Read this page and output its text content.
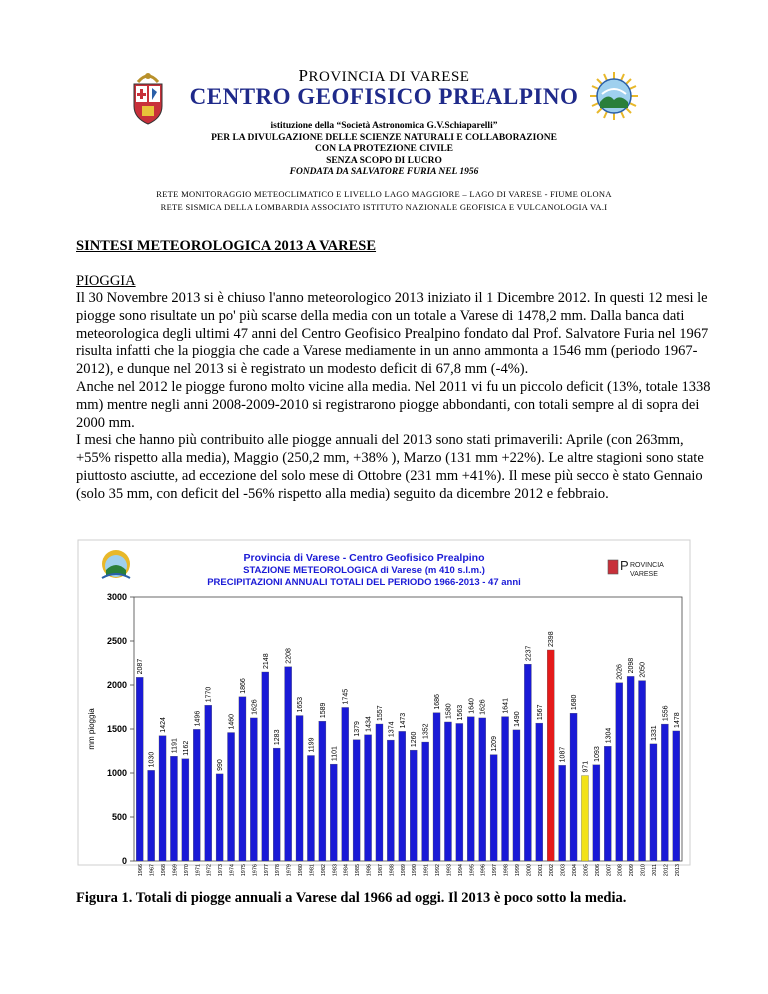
PROVINCIA DI VARESE
CENTRO GEOFISICO PREALPINO
istituzione della “Società Astronomica G.V.Schiaparelli”
PER LA DIVULGAZIONE DELLE SCIENZE NATURALI E COLLABORAZIONE
CON LA PROTEZIONE CIVILE
SENZA SCOPO DI LUCRO
FONDATA DA SALVATORE FURIA NEL 1956
RETE MONITORAGGIO METEOCLIMATICO E LIVELLO LAGO MAGGIORE – LAGO DI VARESE - FIUME OLONA
RETE SISMICA DELLA LOMBARDIA ASSOCIATO ISTITUTO NAZIONALE GEOFISICA E VULCANOLOGIA VA.I
SINTESI METEOROLOGICA 2013 A VARESE
PIOGGIA
Il 30 Novembre 2013 si è chiuso l'anno meteorologico 2013 iniziato il 1 Dicembre 2012. In questi 12 mesi le piogge sono risultate un po' più scarse della media con un totale a Varese di 1478,2 mm. Dalla banca dati meteorologica degli ultimi 47 anni del Centro Geofisico Prealpino fondato dal Prof. Salvatore Furia nel 1967 risulta infatti che la pioggia che cade a Varese mediamente in un anno ammonta a 1546 mm (periodo 1967-2012), e dunque nel 2013 si è registrato un modesto deficit di 67,8 mm (-4%).
Anche nel 2012 le piogge furono molto vicine alla media. Nel 2011 vi fu un piccolo deficit (13%, totale 1338 mm) mentre negli anni 2008-2009-2010 si registrarono piogge abbondanti, con totali sempre al di sopra dei 2000 mm.
I mesi che hanno più contribuito alle piogge annuali del 2013 sono stati primaverili: Aprile (con 263mm, +55% rispetto alla media), Maggio (250,2 mm, +38% ), Marzo (131 mm +22%). Le altre stagioni sono state piuttosto asciutte, ad eccezione del solo mese di Ottobre (231 mm +41%). Il mese più secco è stato Gennaio (solo 35 mm, con deficit del -56% rispetto alla media) seguito da dicembre 2012 e febbraio.
Provincia di Varese - Centro Geofisico Prealpino
STAZIONE METEOROLOGICA di Varese (m 410 s.l.m.)
PRECIPITAZIONI ANNUALI TOTALI DEL PERIODO 1966-2013 - 47 anni
P ROVINCIA
VARESE
mm pioggia
0
500
1000
1500
2000
2500
3000
2087
1030
1424
1191 1162
1496
1770
990
1460
1866
1626
2148
1283
2208
1653
1199
1589
1101
1745
1379 1434
1557
1374
1473
1260
1352
1686
1580 1563 1640 1626
1209
1641
1490
2237
1567
2398
1087
1680
971
1093
1304
2026 2098 2050
1331
1556 1478
1966 1967 1968 1969 1970 1971 1972 1973 1974 1975 1976 1977 1978 1979 1980 1981 1982 1983 1984 1985 1986 1987 1988 1989 1990 1991 1992 1993 1994 1995 1996 1997 1998 1999 2000 2001 2002 2003 2004 2005 2006 2007 2008 2009 2010 2011 2012 2013
Figura 1. Totali di piogge annuali a Varese dal 1966 ad oggi. Il 2013 è poco sotto la media.
